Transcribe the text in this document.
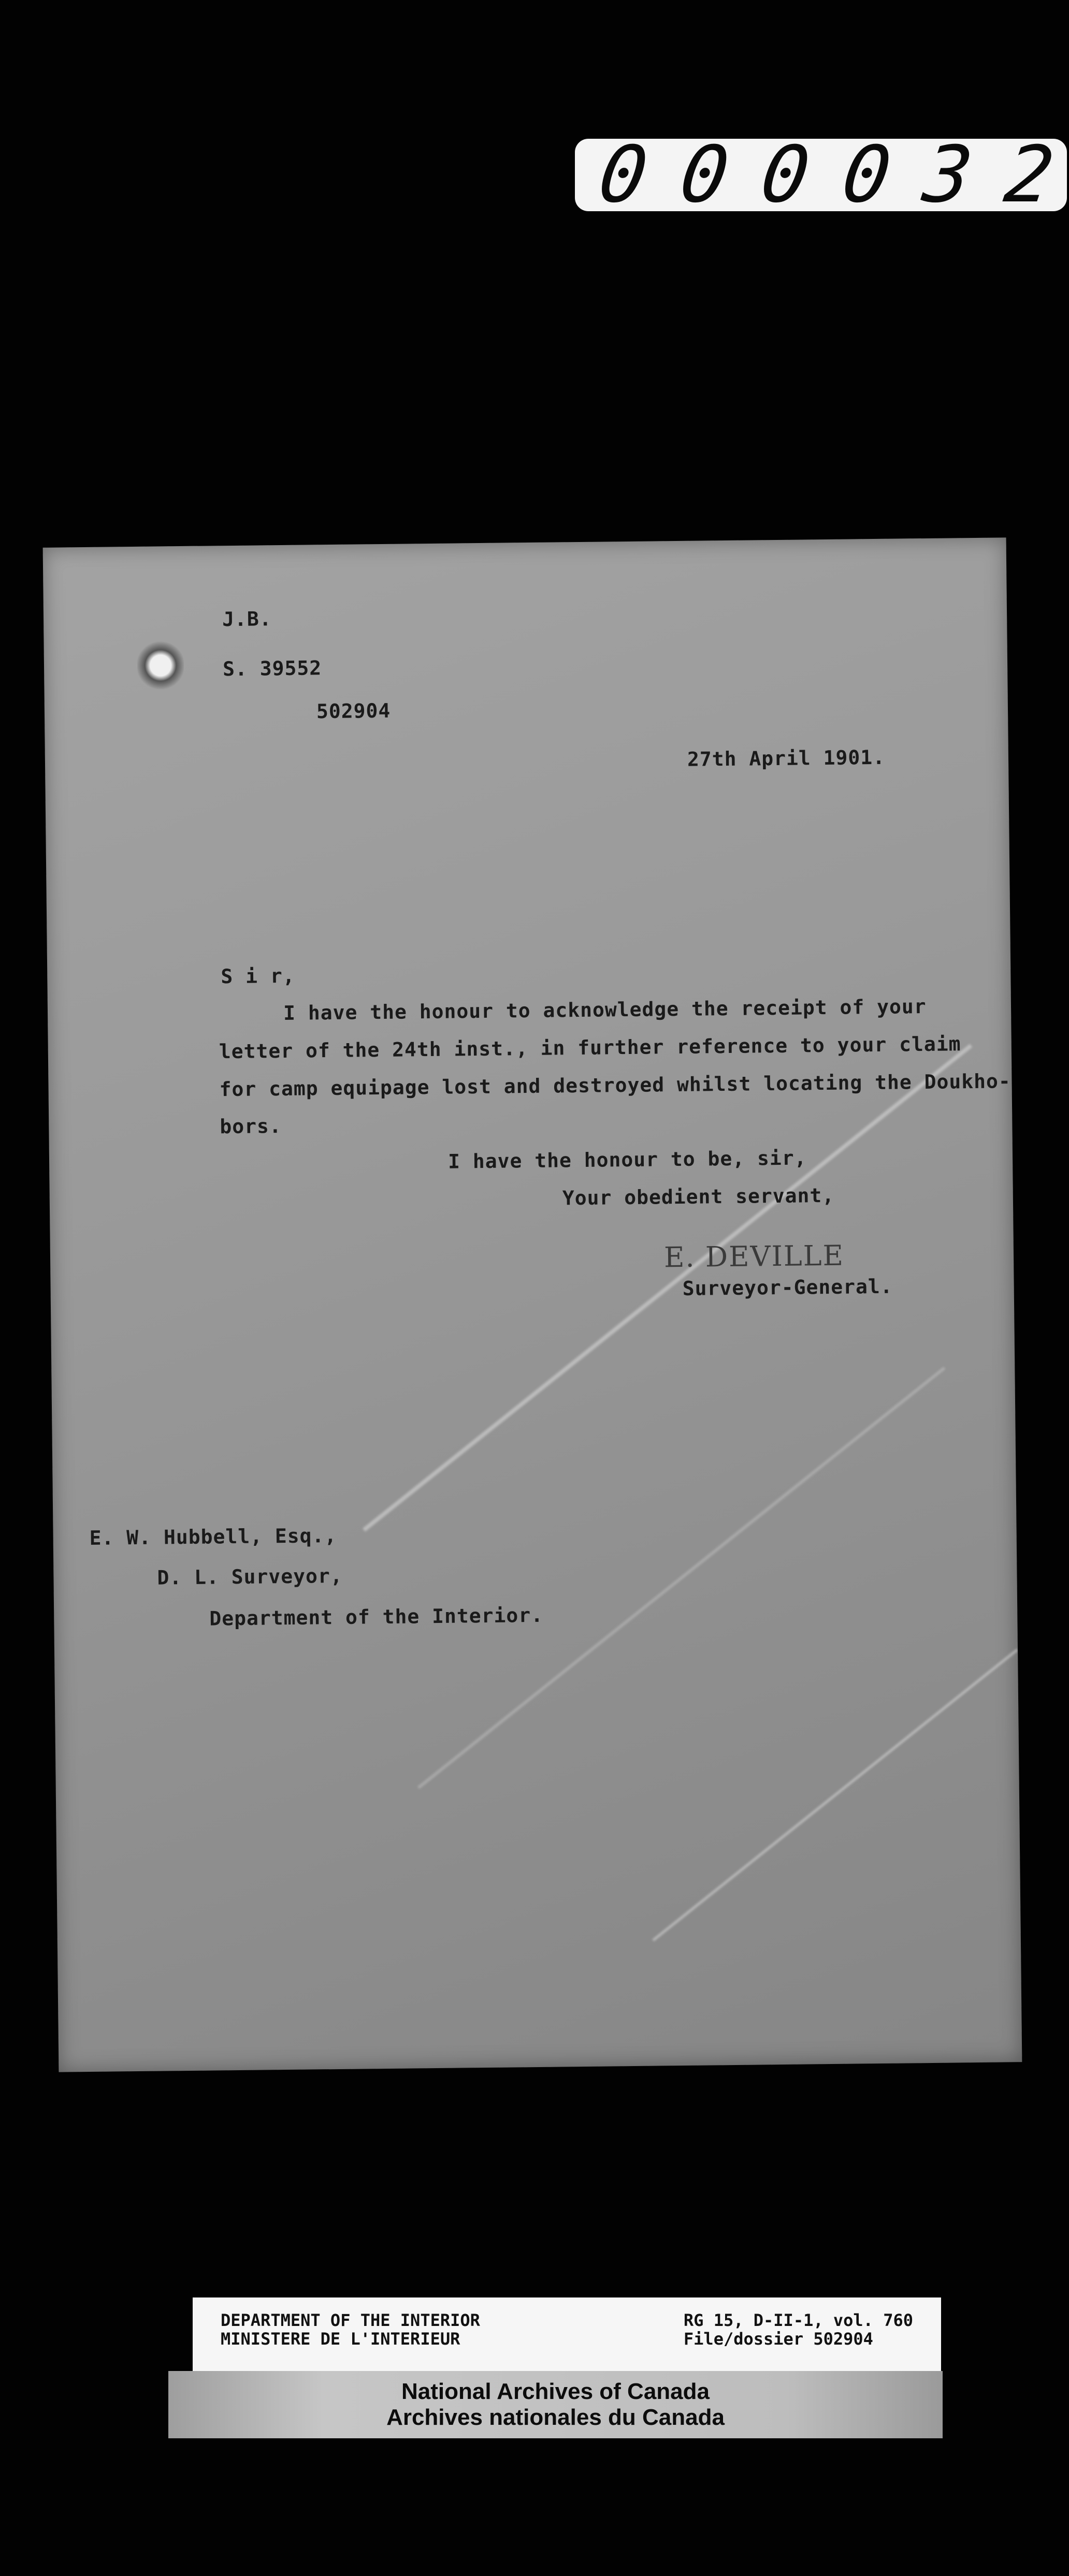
0 0 0 0 3 2
J.B.
S. 39552
502904
27th April 1901.
S i r,
I have the honour to acknowledge the receipt of your
letter of the 24th inst., in further reference to your claim
for camp equipage lost and destroyed whilst locating the Doukho-
bors.
I have the honour to be, sir,
Your obedient servant,
E. DEVILLE
Surveyor-General.
E. W. Hubbell, Esq.,
D. L. Surveyor,
Department of the Interior.
DEPARTMENT OF THE INTERIOR
MINISTERE DE L'INTERIEUR
RG 15, D-II-1, vol. 760
File/dossier 502904
National Archives of Canada
Archives nationales du Canada
